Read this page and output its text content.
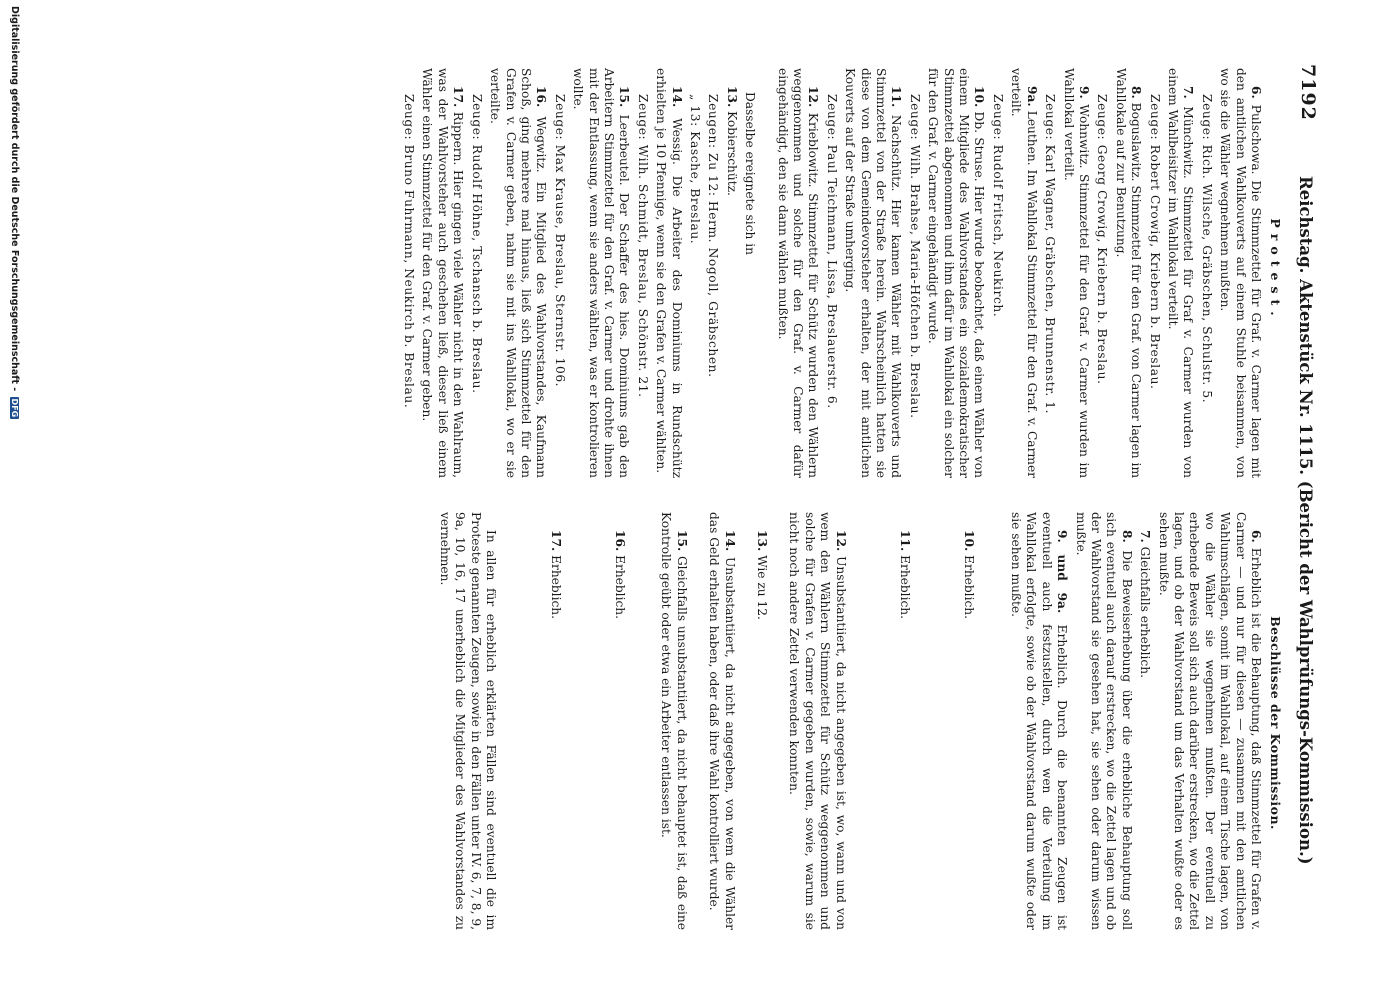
7192
Reichstag. Aktenstück Nr. 1115. (Bericht der Wahlprüfungs-Kommission.)
Protest.
Beschlüsse der Kommission.

6. Pulschowa. Die Stimmzettel für Graf. v. Carmer lagen mit den amtlichen Wahlkouverts auf einem Stuhle beisammen, von wo sie die Wähler wegnehmen mußten.

Zeuge: Rich. Wilsche, Gräbschen, Schulstr. 5.

7. Münchwitz. Stimmzettel für Graf v. Carmer wurden von einem Wahlbeisitzer im Wahllokal verteilt.

Zeuge: Robert Crowig, Kriebern b. Breslau.

8. Boguslawitz. Stimmzettel für den Graf. von Carmer lagen im Wahllokale auf zur Benutzung.

Zeuge: Georg Crowig, Kriebern b. Breslau.

9. Wohnwitz. Stimmzettel für den Graf. v. Carmer wurden im Wahllokal verteilt.

Zeuge: Karl Wagner, Gräbschen, Brunnenstr. 1.

9a. Leuthen. Im Wahllokal Stimmzettel für den Graf. v. Carmer verteilt.

Zeuge: Rudolf Fritsch, Neukirch.

10. Db. Struse. Hier wurde beobachtet, daß einem Wähler von einem Mitgliede des Wahlvorstandes ein sozialdemokratischer Stimmzettel abgenommen und ihm dafür im Wahllokal ein solcher für den Graf. v. Carmer eingehändigt wurde.

Zeuge: Wilh. Brahse, Maria-Höfchen b. Breslau.

11. Nachschütz. Hier kamen Wähler mit Wahlkouverts und Stimmzettel von der Straße herein. Wahrscheinlich hatten sie diese von dem Gemeindevorsteher erhalten, der mit amtlichen Kouverts auf der Straße umherging.

Zeuge: Paul Teichmann, Lissa, Breslauerstr. 6.

12. Krieblowitz. Stimmzettel für Schütz wurden den Wählern weggenommen und solche für den Graf. v. Carmer dafür eingehändigt, den sie dann wählen mußten.

Dasselbe ereignete sich in

13. Kobierschütz.

Zeugen: Zu 12: Herm. Nogoll, Gräbschen.

„ 13: Kasche, Breslau.

14. Wessig. Die Arbeiter des Dominiums in Rundschütz erhielten je 10 Pfennige, wenn sie den Grafen v. Carmer wählten.

Zeuge: Wilh. Schmidt, Breslau, Schönstr. 21.

15. Leerbeutel. Der Schaffer des hies. Dominiums gab den Arbeitern Stimmzettel für den Graf. v. Carmer und drohte ihnen mit der Entlassung, wenn sie anders wählten, was er kontrolieren wollte.

Zeuge: Max Krause, Breslau, Sternstr. 106.

16. Wegwitz. Ein Mitglied des Wahlvorstandes, Kaufmann Schoß, ging mehrere mal hinaus, ließ sich Stimmzettel für den Grafen v. Carmer geben, nahm sie mit ins Wahllokal, wo er sie verteilte.

Zeuge: Rudolf Höhne, Tschansch b. Breslau.

17. Rippern. Hier gingen viele Wähler nicht in den Wahlraum, was der Wahlvorsteher auch geschehen ließ, dieser ließ einem Wähler einen Stimmzettel für den Graf. v. Carmer geben.

Zeuge: Bruno Fuhrmann, Neukirch b. Breslau.

6. Erheblich ist die Behauptung, daß Stimmzettel für Grafen v. Carmer — und nur für diesen — zusammen mit den amtlichen Wahlumschlägen, somit im Wahllokal, auf einem Tische lagen, von wo die Wähler sie wegnehmen mußten. Der eventuell zu erhebende Beweis soll sich auch darüber erstrecken, wo die Zettel lagen, und ob der Wahlvorstand um das Verhalten wußte oder es sehen mußte.

7. Gleichfalls erheblich.

8. Die Beweiserhebung über die erhebliche Behauptung soll sich eventuell auch darauf erstrecken, wo die Zettel lagen und ob der Wahlvorstand sie gesehen hat, sie sehen oder darum wissen mußte.

9. und 9a. Erheblich. Durch die benannten Zeugen ist eventuell auch festzustellen, durch wen die Verteilung im Wahllokal erfolgte, sowie ob der Wahlvorstand darum wußte oder sie sehen mußte.

10. Erheblich.

11. Erheblich.

12. Unsubstantiiert, da nicht angegeben ist, wo, wann und von wem den Wählern Stimmzettel für Schütz weggenommen und solche für Grafen v. Carmer gegeben wurden, sowie, warum sie nicht noch andere Zettel verwenden konnten.

13. Wie zu 12.

14. Unsubstantiiert, da nicht angegeben, von wem die Wähler das Geld erhalten haben, oder daß ihre Wahl kontrolliert wurde.

15. Gleichfalls unsubstantiiert, da nicht behauptet ist, daß eine Kontrolle geübt oder etwa ein Arbeiter entlassen ist.

16. Erheblich.

17. Erheblich.

In allen für erheblich erklärten Fällen sind eventuell die im Proteste genannten Zeugen, sowie in den Fällen unter IV. 6, 7, 8, 9, 9a, 10, 16, 17 unerheblich die Mitglieder des Wahlvorstandes zu vernehmen.

Digitalisierung gefördert durch die Deutsche Forschungsgemeinschaft - DFG
